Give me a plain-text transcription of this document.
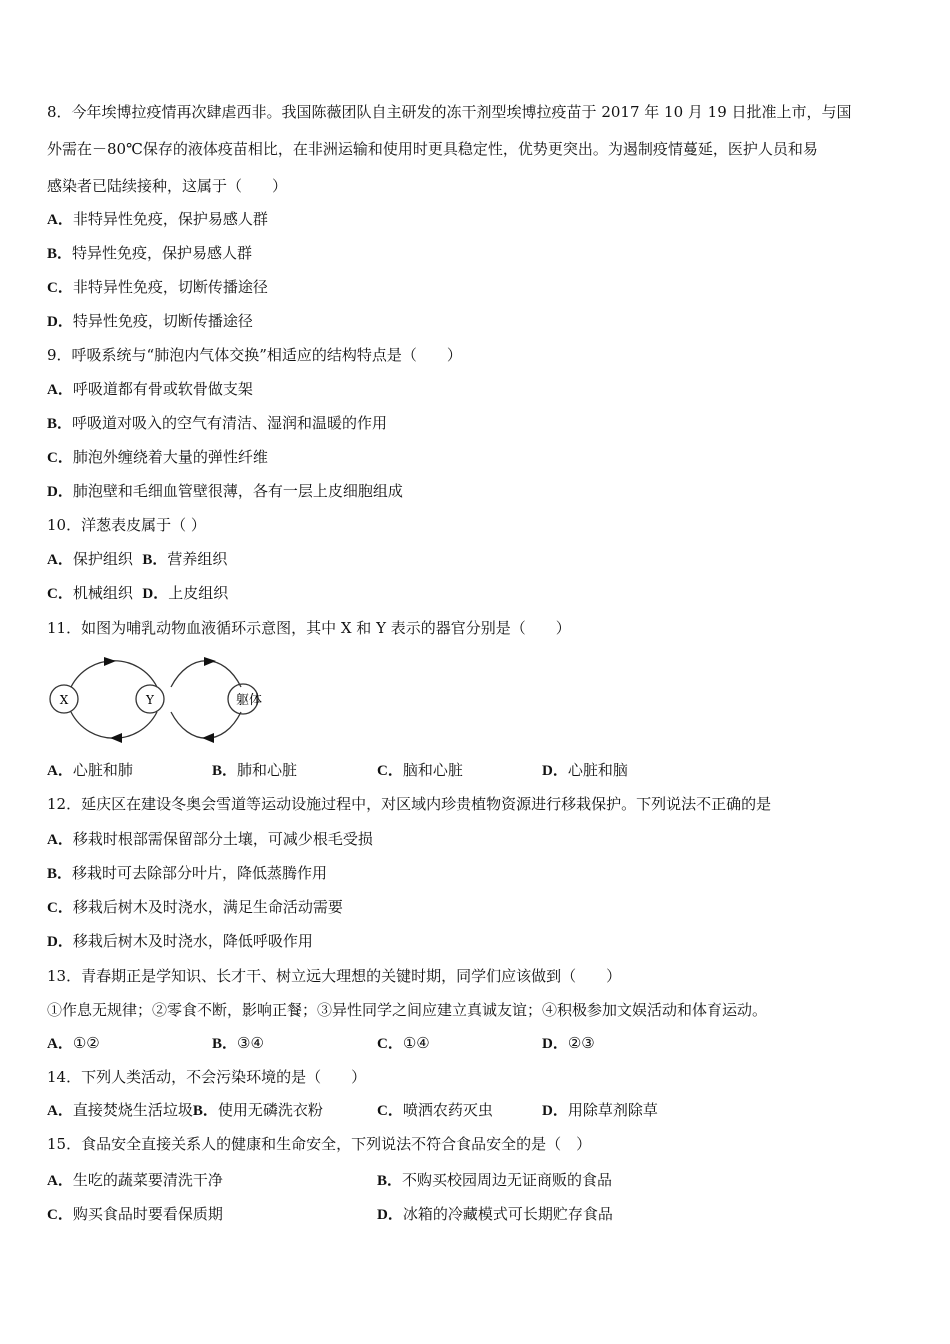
8．今年埃博拉疫情再次肆虐西非。我国陈薇团队自主研发的冻干剂型埃博拉疫苗于 2017 年 10 月 19 日批准上市，与国
外需在－80℃保存的液体疫苗相比，在非洲运输和使用时更具稳定性，优势更突出。为遏制疫情蔓延，医护人员和易
感染者已陆续接种，这属于（　　）
A．非特异性免疫，保护易感人群
B．特异性免疫，保护易感人群
C．非特异性免疫，切断传播途径
D．特异性免疫，切断传播途径
9．呼吸系统与“肺泡内气体交换”相适应的结构特点是（　　）
A．呼吸道都有骨或软骨做支架
B．呼吸道对吸入的空气有清洁、湿润和温暖的作用
C．肺泡外缠绕着大量的弹性纤维
D．肺泡壁和毛细血管壁很薄，各有一层上皮细胞组成
10．洋葱表皮属于（ ）
A．保护组织 B．营养组织
C．机械组织 D．上皮组织
11．如图为哺乳动物血液循环示意图，其中 X 和 Y 表示的器官分别是（　　）
X	Y	躯体
A．心脏和肺	B．肺和心脏	C．脑和心脏	D．心脏和脑
12．延庆区在建设冬奥会雪道等运动设施过程中，对区域内珍贵植物资源进行移栽保护。下列说法不正确的是
A．移栽时根部需保留部分土壤，可减少根毛受损
B．移栽时可去除部分叶片，降低蒸腾作用
C．移栽后树木及时浇水，满足生命活动需要
D．移栽后树木及时浇水，降低呼吸作用
13．青春期正是学知识、长才干、树立远大理想的关键时期，同学们应该做到（　　）
①作息无规律；②零食不断，影响正餐；③异性同学之间应建立真诚友谊；④积极参加文娱活动和体育运动。
A．①②	B．③④	C．①④	D．②③
14．下列人类活动，不会污染环境的是（　　）
A．直接焚烧生活垃圾B．使用无磷洗衣粉	C．喷洒农药灭虫	D．用除草剂除草
15．食品安全直接关系人的健康和生命安全，下列说法不符合食品安全的是（　）
A．生吃的蔬菜要清洗干净	B．不购买校园周边无证商贩的食品
C．购买食品时要看保质期	D．冰箱的冷藏模式可长期贮存食品
